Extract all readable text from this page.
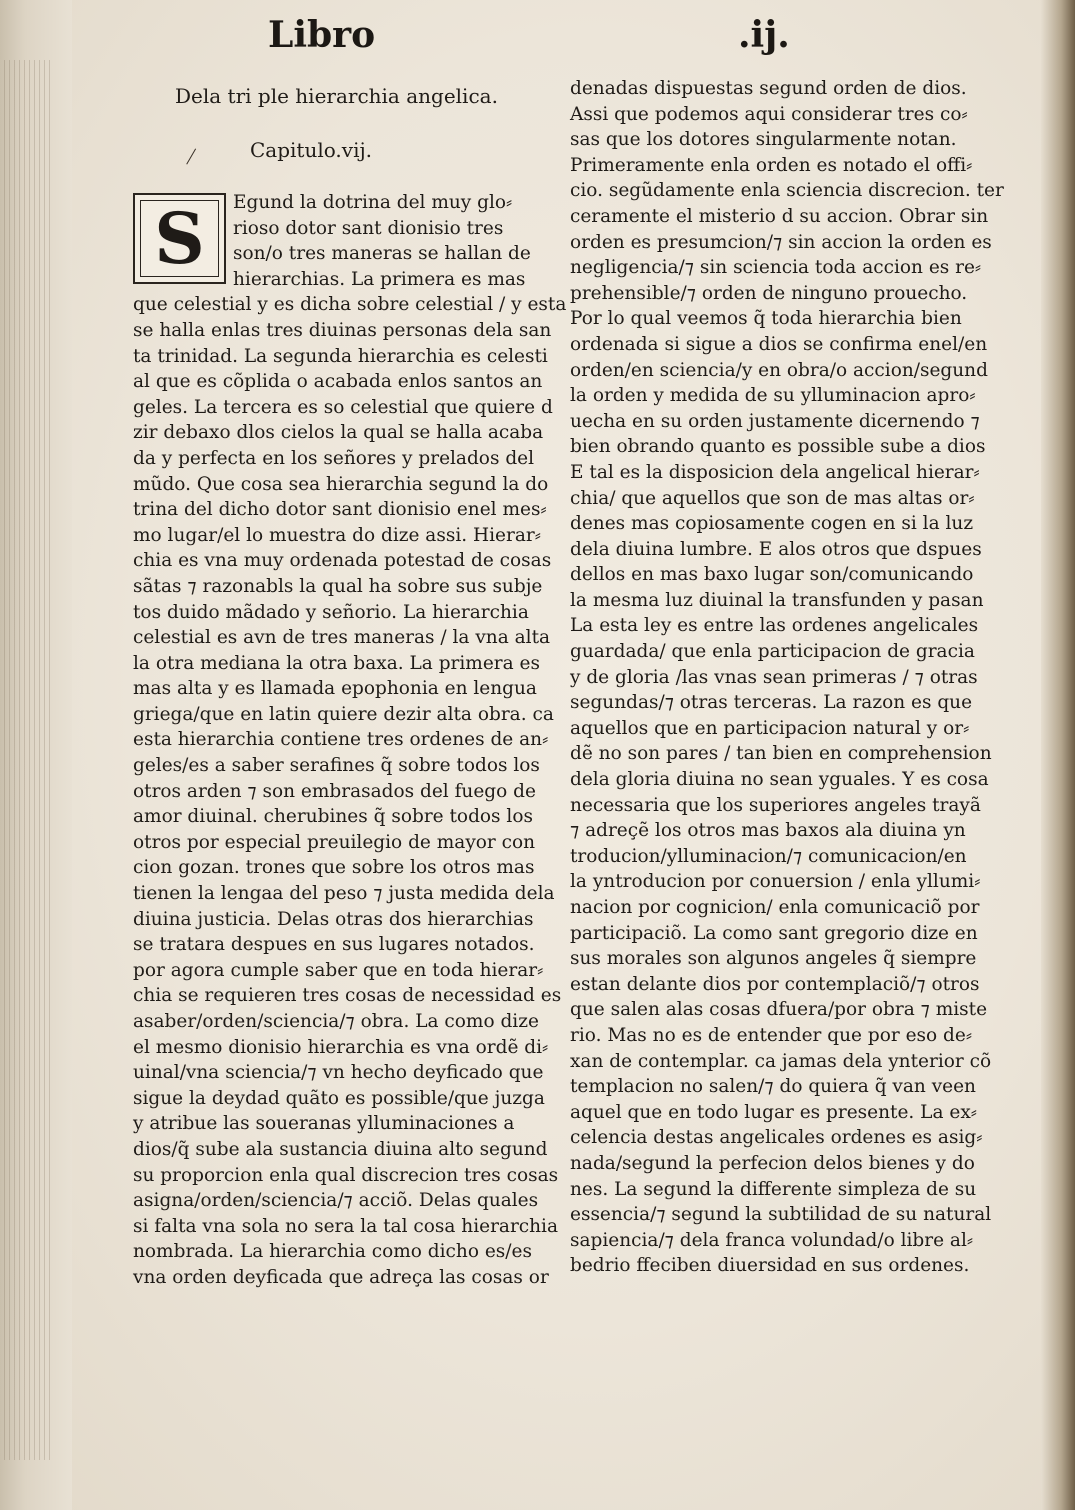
Libro	.ij.
Dela tri ple hierarchia angelica.
Capitulo.vij.
S	Egund la dotrina del muy glo⸗
rioso dotor sant dionisio tres
son/o tres maneras se hallan de
hierarchias. La primera es mas
que celestial y es dicha sobre celestial / y esta
se halla enlas tres diuinas personas dela san
ta trinidad. La segunda hierarchia es celesti
al que es cõplida o acabada enlos santos an
geles. La tercera es so celestial que quiere d
zir debaxo dlos cielos la qual se halla acaba
da y perfecta en los señores y prelados del
mũdo. Que cosa sea hierarchia segund la do
trina del dicho dotor sant dionisio enel mes⸗
mo lugar/el lo muestra do dize assi. Hierar⸗
chia es vna muy ordenada potestad de cosas
sãtas ⁊ razonabls la qual ha sobre sus subje
tos duido mãdado y señorio. La hierarchia
celestial es avn de tres maneras / la vna alta
la otra mediana la otra baxa. La primera es
mas alta y es llamada epophonia en lengua
griega/que en latin quiere dezir alta obra. ca
esta hierarchia contiene tres ordenes de an⸗
geles/es a saber serafines q̃ sobre todos los
otros arden ⁊ son embrasados del fuego de
amor diuinal. cherubines q̃ sobre todos los
otros por especial preuilegio de mayor con
cion gozan. trones que sobre los otros mas
tienen la lengaa del peso ⁊ justa medida dela
diuina justicia. Delas otras dos hierarchias
se tratara despues en sus lugares notados.
por agora cumple saber que en toda hierar⸗
chia se requieren tres cosas de necessidad es
asaber/orden/sciencia/⁊ obra. La como dize
el mesmo dionisio hierarchia es vna ordẽ di⸗
uinal/vna sciencia/⁊ vn hecho deyficado que
sigue la deydad quãto es possible/que juzga
y atribue las soueranas ylluminaciones a
dios/q̃ sube ala sustancia diuina alto segund
su proporcion enla qual discrecion tres cosas
asigna/orden/sciencia/⁊ acciõ. Delas quales
si falta vna sola no sera la tal cosa hierarchia
nombrada. La hierarchia como dicho es/es
vna orden deyficada que adreça las cosas or
denadas dispuestas segund orden de dios.
Assi que podemos aqui considerar tres co⸗
sas que los dotores singularmente notan.
Primeramente enla orden es notado el offi⸗
cio. segũdamente enla sciencia discrecion. ter
ceramente el misterio d su accion. Obrar sin
orden es presumcion/⁊ sin accion la orden es
negligencia/⁊ sin sciencia toda accion es re⸗
prehensible/⁊ orden de ninguno prouecho.
Por lo qual veemos q̃ toda hierarchia bien
ordenada si sigue a dios se confirma enel/en
orden/en sciencia/y en obra/o accion/segund
la orden y medida de su ylluminacion apro⸗
uecha en su orden justamente dicernendo ⁊
bien obrando quanto es possible sube a dios
E tal es la disposicion dela angelical hierar⸗
chia/ que aquellos que son de mas altas or⸗
denes mas copiosamente cogen en si la luz
dela diuina lumbre. E alos otros que dspues
dellos en mas baxo lugar son/comunicando
la mesma luz diuinal la transfunden y pasan
La esta ley es entre las ordenes angelicales
guardada/ que enla participacion de gracia
y de gloria /las vnas sean primeras / ⁊ otras
segundas/⁊ otras terceras. La razon es que
aquellos que en participacion natural y or⸗
dẽ no son pares / tan bien en comprehension
dela gloria diuina no sean yguales. Y es cosa
necessaria que los superiores angeles trayã
⁊ adreçẽ los otros mas baxos ala diuina yn
troducion/ylluminacion/⁊ comunicacion/en
la yntroducion por conuersion / enla yllumi⸗
nacion por cognicion/ enla comunicaciõ por
participaciõ. La como sant gregorio dize en
sus morales son algunos angeles q̃ siempre
estan delante dios por contemplaciõ/⁊ otros
que salen alas cosas dfuera/por obra ⁊ miste
rio. Mas no es de entender que por eso de⸗
xan de contemplar. ca jamas dela ynterior cõ
templacion no salen/⁊ do quiera q̃ van veen
aquel que en todo lugar es presente. La ex⸗
celencia destas angelicales ordenes es asig⸗
nada/segund la perfecion delos bienes y do
nes. La segund la differente simpleza de su
essencia/⁊ segund la subtilidad de su natural
sapiencia/⁊ dela franca volundad/o libre al⸗
bedrio ffeciben diuersidad en sus ordenes.
